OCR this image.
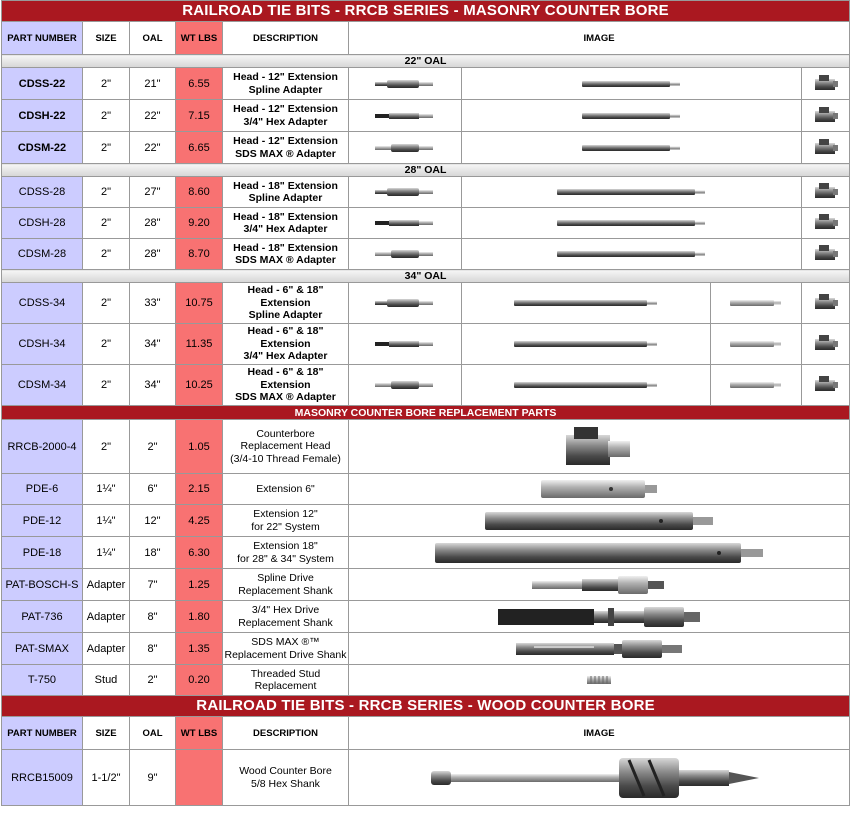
RAILROAD TIE BITS - RRCB SERIES - MASONRY COUNTER BORE								
PART NUMBER	SIZE	OAL	WT LBS	DESCRIPTION	IMAGE			
22" OAL								
CDSS-22	2"	21"	6.55	Head - 12" Extension
Spline Adapter	

CDSH-22	2"	22"	7.15	Head - 12" Extension
3/4" Hex Adapter	

CDSM-22	2"	22"	6.65	Head - 12" Extension
SDS MAX ® Adapter	

28" OAL								
CDSS-28	2"	27"	8.60	Head - 18" Extension
Spline Adapter	

CDSH-28	2"	28"	9.20	Head - 18" Extension
3/4" Hex Adapter	

CDSM-28	2"	28"	8.70	Head - 18" Extension
SDS MAX ® Adapter	

34" OAL								
CDSS-34	2"	33"	10.75	Head - 6" & 18"
Extension
Spline Adapter	

CDSH-34	2"	34"	11.35	Head - 6" & 18"
Extension
3/4" Hex Adapter	

CDSM-34	2"	34"	10.25	Head - 6" & 18"
Extension
SDS MAX ® Adapter	

MASONRY COUNTER BORE REPLACEMENT PARTS								
RRCB-2000-4	2"	2"	1.05	Counterbore
Replacement Head
(3/4-10 Thread Female)	

PDE-6	1¼"	6"	2.15	Extension 6"	

PDE-12	1¼"	12"	4.25	Extension 12"
for 22" System	

PDE-18	1¼"	18"	6.30	Extension 18"
for 28" & 34" System	

PAT-BOSCH-S	Adapter	7"	1.25	Spline Drive
Replacement Shank	

PAT-736	Adapter	8"	1.80	3/4" Hex Drive
Replacement Shank	

PAT-SMAX	Adapter	8"	1.35	SDS MAX ®™
Replacement Drive Shank	

T-750	Stud	2"	0.20	Threaded Stud
Replacement	

RAILROAD TIE BITS - RRCB SERIES - WOOD COUNTER BORE								
PART NUMBER	SIZE	OAL	WT LBS	DESCRIPTION	IMAGE			
RRCB15009	1-1/2"	9"		Wood Counter Bore
5/8 Hex Shank	
